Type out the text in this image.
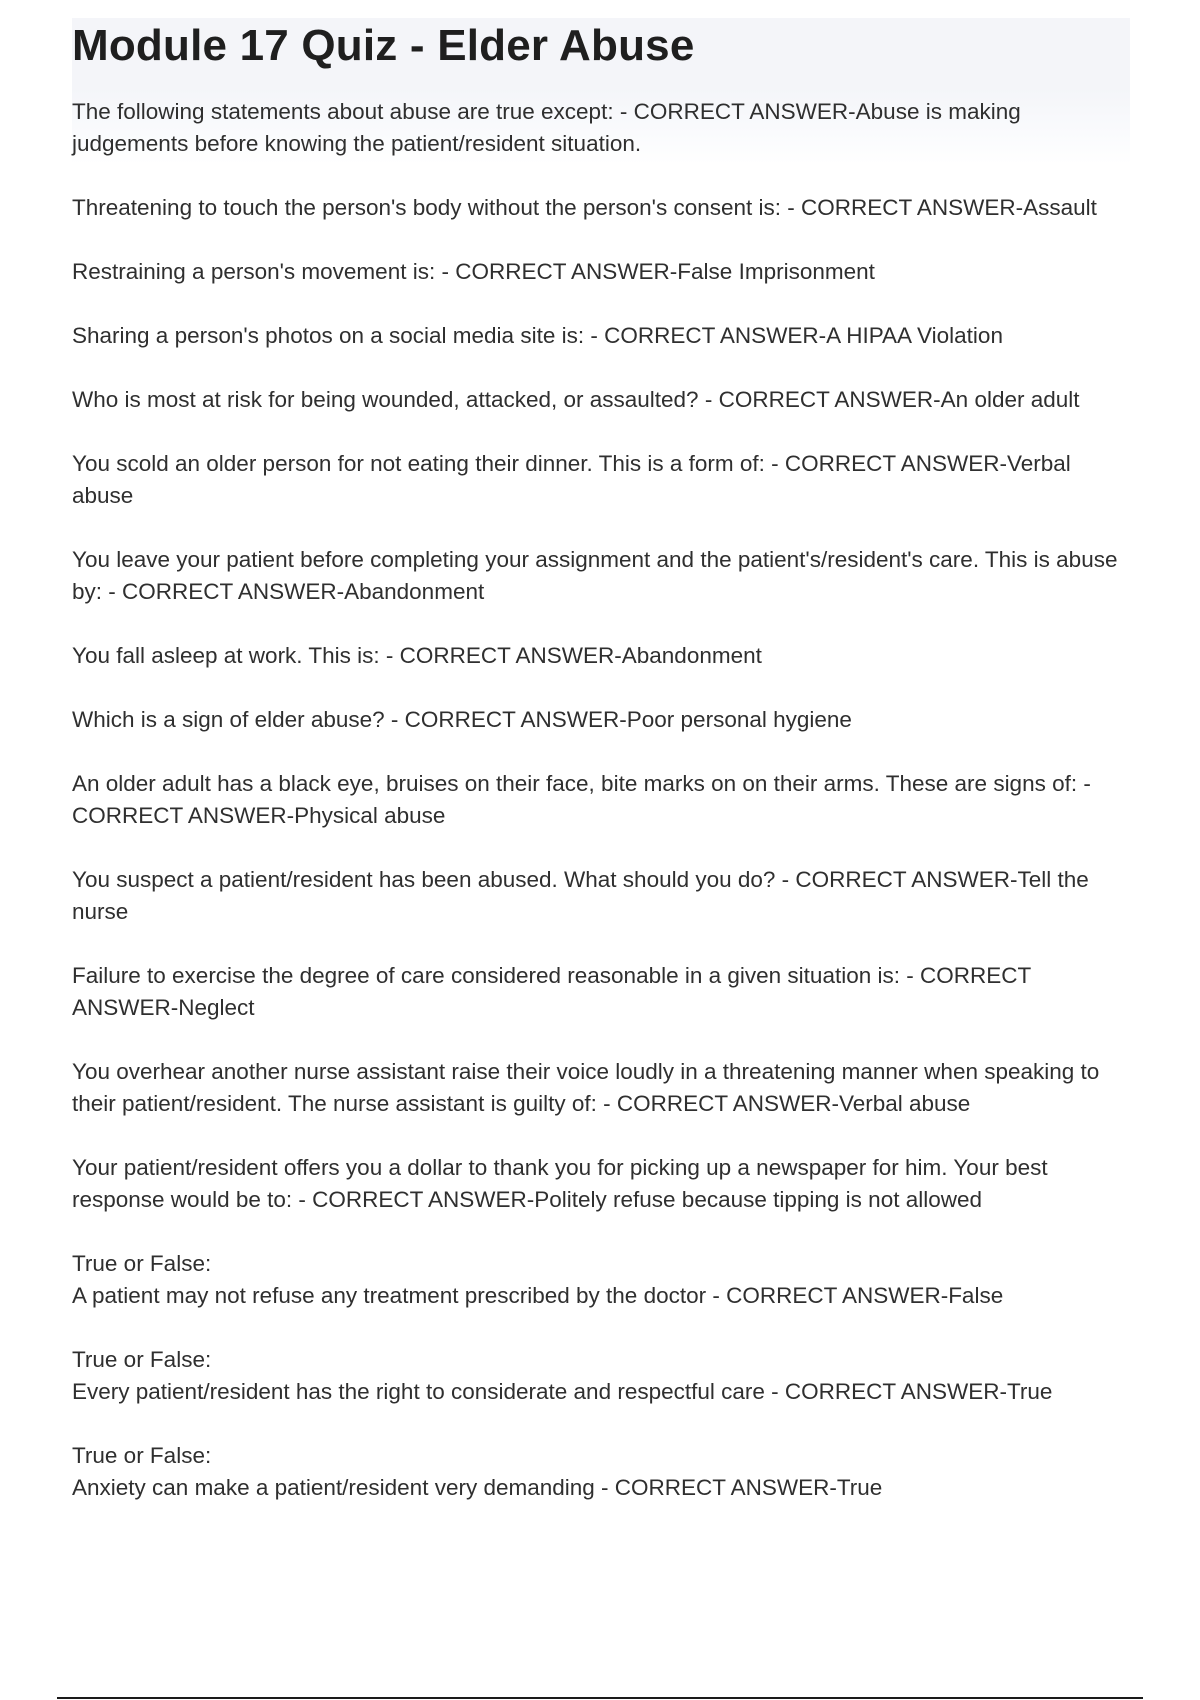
Module 17 Quiz - Elder Abuse

The following statements about abuse are true except: - CORRECT ANSWER-Abuse is making judgements before knowing the patient/resident situation.

Threatening to touch the person's body without the person's consent is: - CORRECT ANSWER-Assault

Restraining a person's movement is: - CORRECT ANSWER-False Imprisonment

Sharing a person's photos on a social media site is: - CORRECT ANSWER-A HIPAA Violation

Who is most at risk for being wounded, attacked, or assaulted? - CORRECT ANSWER-An older adult

You scold an older person for not eating their dinner. This is a form of: - CORRECT ANSWER-Verbal abuse

You leave your patient before completing your assignment and the patient's/resident's care. This is abuse by: - CORRECT ANSWER-Abandonment

You fall asleep at work. This is: - CORRECT ANSWER-Abandonment

Which is a sign of elder abuse? - CORRECT ANSWER-Poor personal hygiene

An older adult has a black eye, bruises on their face, bite marks on on their arms. These are signs of: - CORRECT ANSWER-Physical abuse

You suspect a patient/resident has been abused. What should you do? - CORRECT ANSWER-Tell the nurse

Failure to exercise the degree of care considered reasonable in a given situation is: - CORRECT ANSWER-Neglect

You overhear another nurse assistant raise their voice loudly in a threatening manner when speaking to their patient/resident. The nurse assistant is guilty of: - CORRECT ANSWER-Verbal abuse

Your patient/resident offers you a dollar to thank you for picking up a newspaper for him. Your best response would be to: - CORRECT ANSWER-Politely refuse because tipping is not allowed

True or False:
A patient may not refuse any treatment prescribed by the doctor - CORRECT ANSWER-False

True or False:
Every patient/resident has the right to considerate and respectful care - CORRECT ANSWER-True

True or False:
Anxiety can make a patient/resident very demanding - CORRECT ANSWER-True
